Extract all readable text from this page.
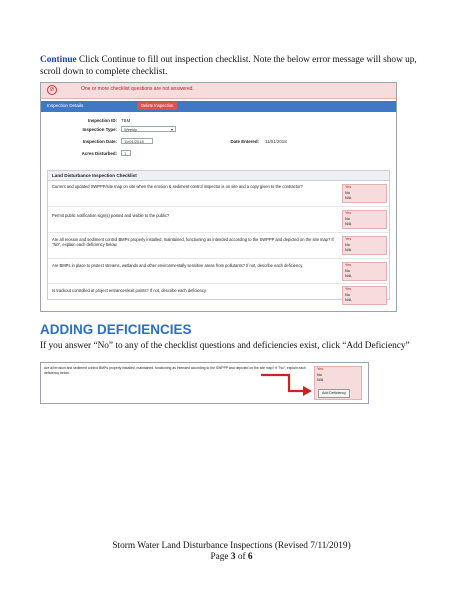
Continue Click Continue to fill out inspection checklist. Note the below error message will show up, scroll down to complete checklist.
⊘	One or more checklist questions are not answered.
Inspection Details	Delete Inspection
Inspection ID: TBM
Inspection Type:	Weekly	▾
Inspection Date:	11/01/2018	Date Entered: 11/01/2018
Acres Disturbed:	1
Land Disturbance Inspection Checklist
Current and updated SWPPP/site map on site when the erosion & sediment control inspector is on site and a copy given to the contractor?	Yes
No
N/A
Permit public notification sign(s) posted and visible to the public?	Yes
No
N/A
Are all erosion and sediment control BMPs properly installed, maintained, functioning as intended according to the SWPPP and depicted on the site map? If "No", explain each deficiency below.
Yes
No
N/A
Are BMPs in place to protect streams, wetlands and other environmentally sensitive areas from pollutants? If not, describe each deficiency.	Yes
No
N/A
Is trackout controlled at project entrances/exit points? If not, describe each deficiency.	Yes
No
N/A
ADDING DEFICIENCIES
If you answer “No” to any of the checklist questions and deficiencies exist, click “Add Deficiency”
Are all erosion and sediment control BMPs properly installed, maintained, functioning as intended according to the SWPPP and depicted on the site map? If "No", explain each deficiency below.
Yes
No
N/A
Add Deficiency
Storm Water Land Disturbance Inspections (Revised 7/11/2019)
Page 3 of 6
